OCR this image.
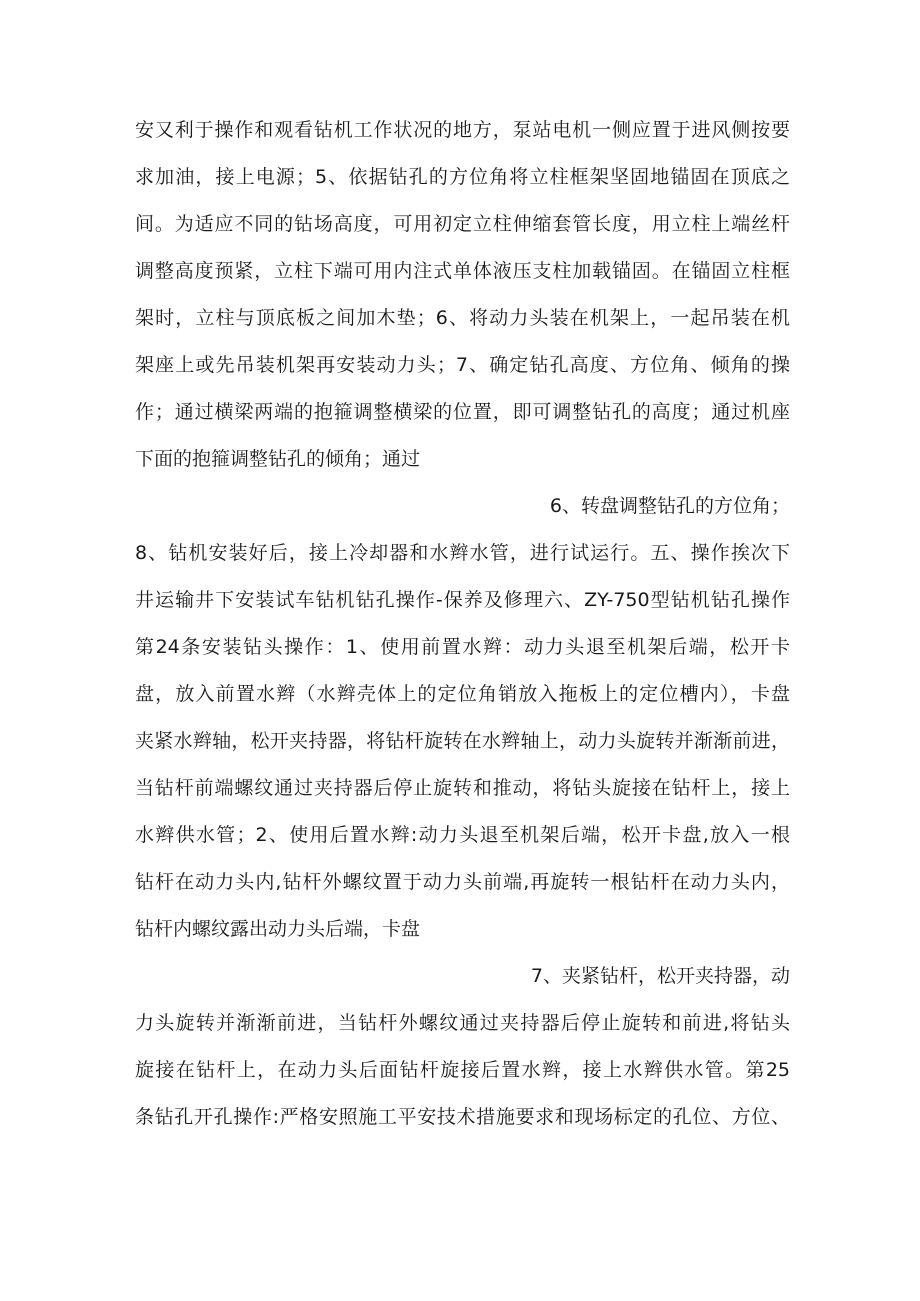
安又利于操作和观看钻机工作状况的地方，泵站电机一侧应置于进风侧按要
求加油，接上电源；5、依据钻孔的方位角将立柱框架坚固地锚固在顶底之
间。为适应不同的钻场高度，可用初定立柱伸缩套管长度，用立柱上端丝杆
调整高度预紧，立柱下端可用内注式单体液压支柱加载锚固。在锚固立柱框
架时，立柱与顶底板之间加木垫；6、将动力头装在机架上，一起吊装在机
架座上或先吊装机架再安装动力头；7、确定钻孔高度、方位角、倾角的操
作；通过横梁两端的抱箍调整横梁的位置，即可调整钻孔的高度；通过机座
下面的抱箍调整钻孔的倾角；通过
6、转盘调整钻孔的方位角；
8、钻机安装好后，接上冷却器和水辫水管，进行试运行。五、操作挨次下
井运输井下安装试车钻机钻孔操作-保养及修理六、ZY-750型钻机钻孔操作
第24条安装钻头操作：1、使用前置水辫：动力头退至机架后端，松开卡
盘，放入前置水辫（水辫壳体上的定位角销放入拖板上的定位槽内），卡盘
夹紧水辫轴，松开夹持器，将钻杆旋转在水辫轴上，动力头旋转并渐渐前进，
当钻杆前端螺纹通过夹持器后停止旋转和推动，将钻头旋接在钻杆上，接上
水辫供水管；2、使用后置水辫:动力头退至机架后端，松开卡盘,放入一根
钻杆在动力头内,钻杆外螺纹置于动力头前端,再旋转一根钻杆在动力头内，
钻杆内螺纹露出动力头后端，卡盘
7、夹紧钻杆，松开夹持器，动
力头旋转并渐渐前进，当钻杆外螺纹通过夹持器后停止旋转和前进,将钻头
旋接在钻杆上，在动力头后面钻杆旋接后置水辫，接上水辫供水管。第25
条钻孔开孔操作:严格安照施工平安技术措施要求和现场标定的孔位、方位、
